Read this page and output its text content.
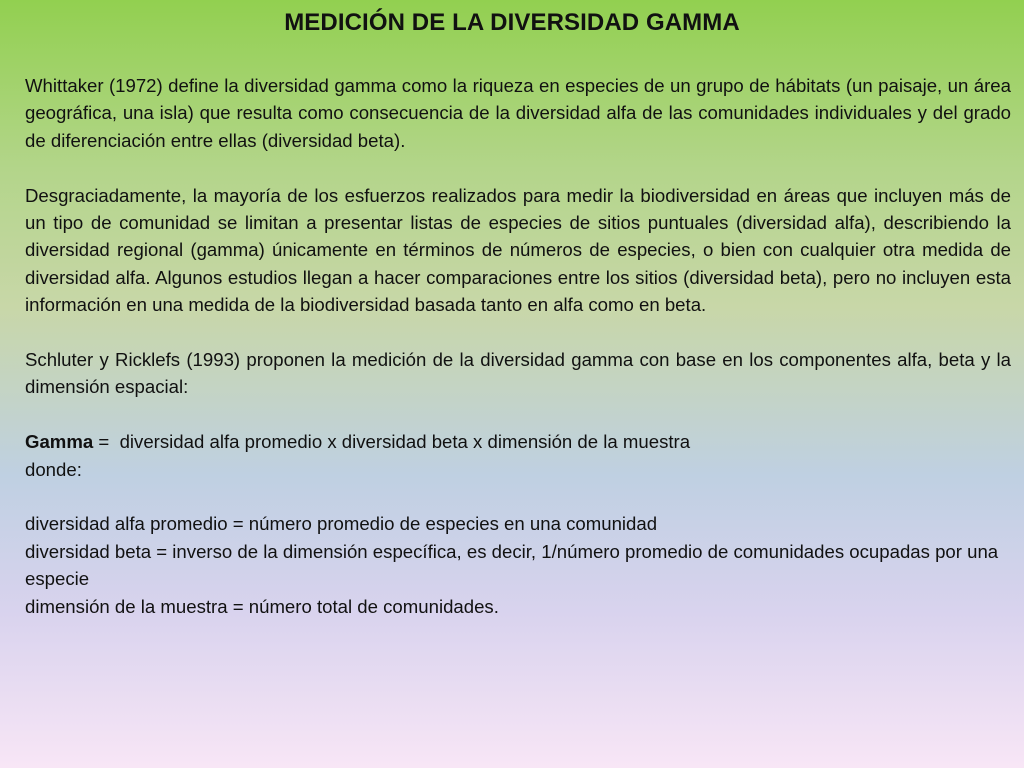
MEDICIÓN DE LA DIVERSIDAD GAMMA

Whittaker (1972) define la diversidad gamma como la riqueza en especies de un grupo de hábitats (un paisaje, un área geográfica, una isla) que resulta como consecuencia de la diversidad alfa de las comunidades individuales y del grado de diferenciación entre ellas (diversidad beta).

Desgraciadamente, la mayoría de los esfuerzos realizados para medir la biodiversidad en áreas que incluyen más de un tipo de comunidad se limitan a presentar listas de especies de sitios puntuales (diversidad alfa), describiendo la diversidad regional (gamma) únicamente en términos de números de especies, o bien con cualquier otra medida de diversidad alfa. Algunos estudios llegan a hacer comparaciones entre los sitios (diversidad beta), pero no incluyen esta información en una medida de la biodiversidad basada tanto en alfa como en beta.

Schluter y Ricklefs (1993) proponen la medición de la diversidad gamma con base en los componentes alfa, beta y la dimensión espacial:

Gamma =  diversidad alfa promedio x diversidad beta x dimensión de la muestra
donde:
diversidad alfa promedio = número promedio de especies en una comunidad
diversidad beta = inverso de la dimensión específica, es decir, 1/número promedio de comunidades ocupadas por una especie
dimensión de la muestra = número total de comunidades.
